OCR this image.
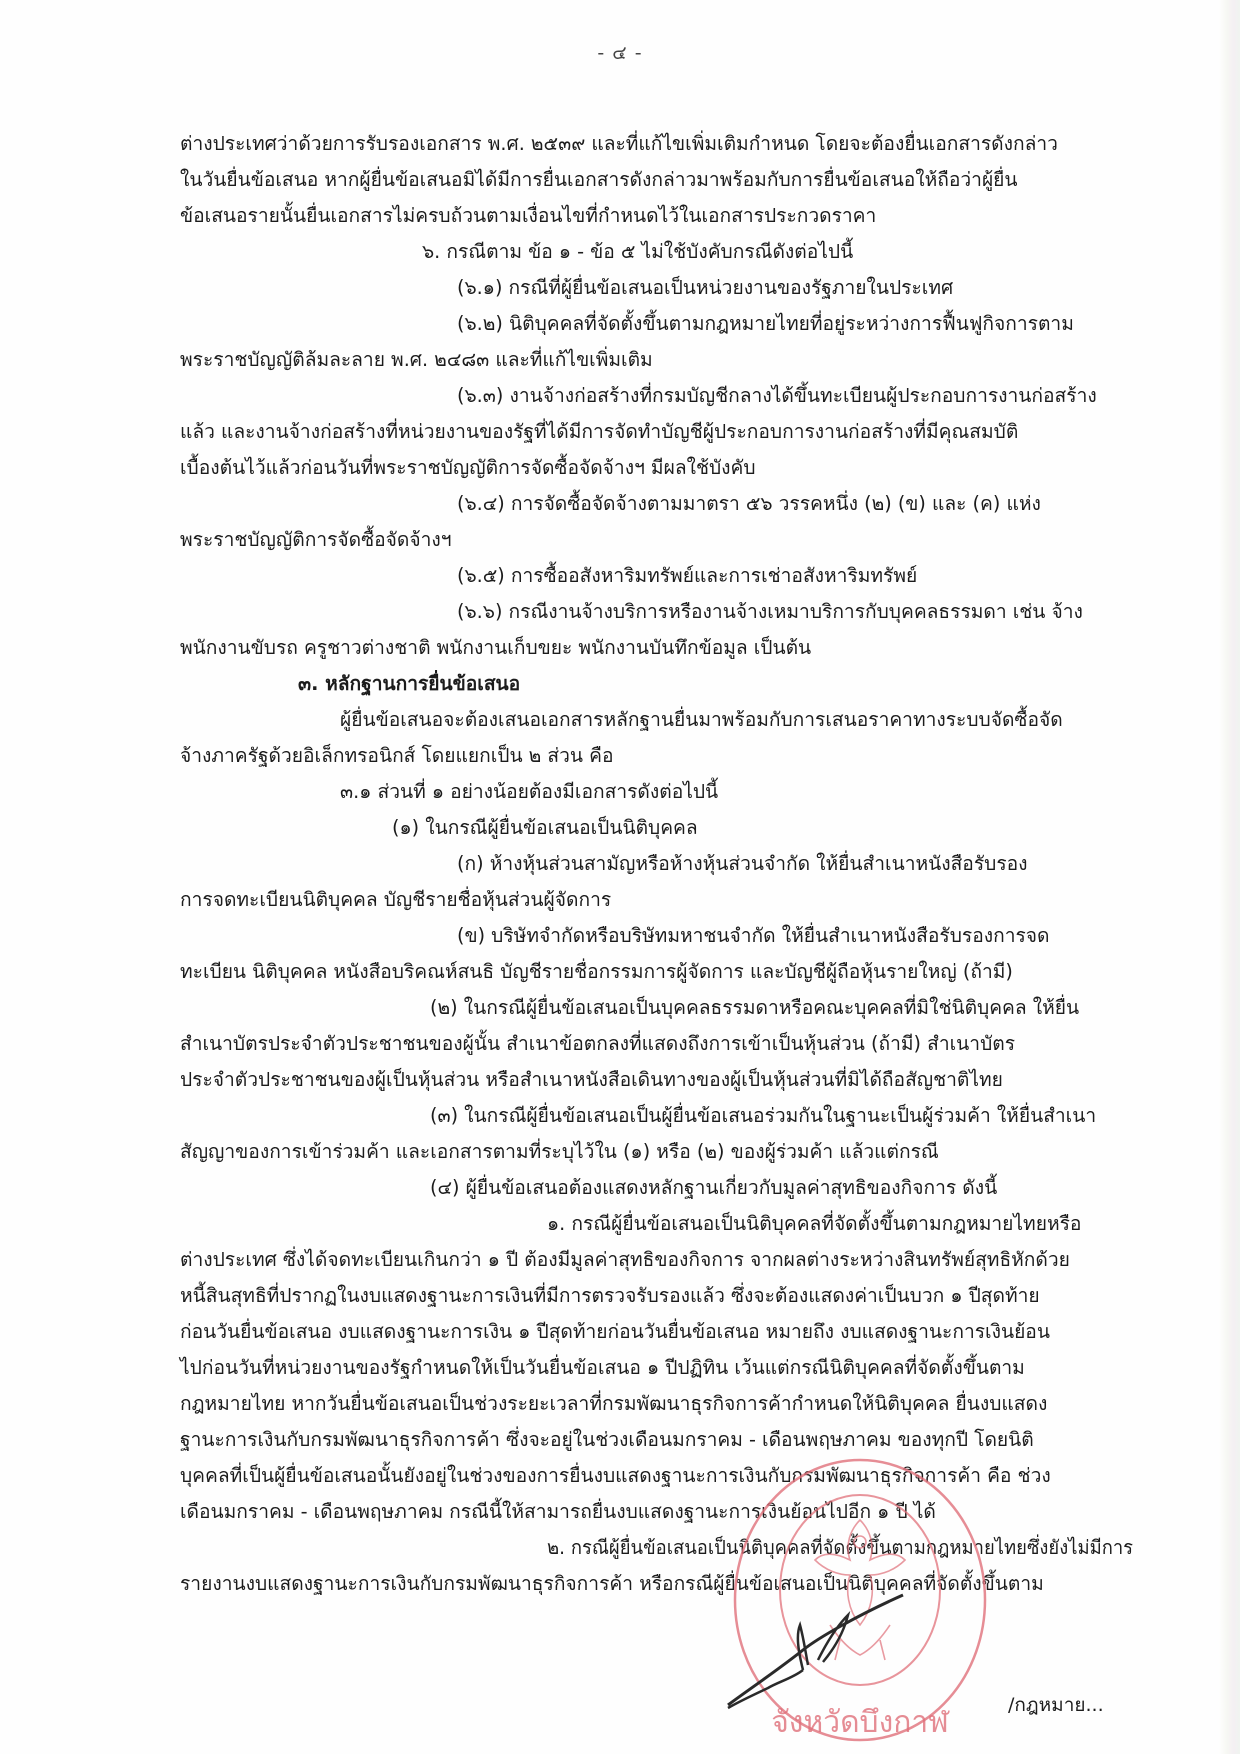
- ๔ -
ต่างประเทศว่าด้วยการรับรองเอกสาร พ.ศ. ๒๕๓๙ และที่แก้ไขเพิ่มเติมกำหนด โดยจะต้องยื่นเอกสารดังกล่าว
ในวันยื่นข้อเสนอ หากผู้ยื่นข้อเสนอมิได้มีการยื่นเอกสารดังกล่าวมาพร้อมกับการยื่นข้อเสนอให้ถือว่าผู้ยื่น
ข้อเสนอรายนั้นยื่นเอกสารไม่ครบถ้วนตามเงื่อนไขที่กำหนดไว้ในเอกสารประกวดราคา
๖. กรณีตาม ข้อ ๑ - ข้อ ๕ ไม่ใช้บังคับกรณีดังต่อไปนี้
(๖.๑) กรณีที่ผู้ยื่นข้อเสนอเป็นหน่วยงานของรัฐภายในประเทศ
(๖.๒) นิติบุคคลที่จัดตั้งขึ้นตามกฎหมายไทยที่อยู่ระหว่างการฟื้นฟูกิจการตาม
พระราชบัญญัติล้มละลาย พ.ศ. ๒๔๘๓ และที่แก้ไขเพิ่มเติม
(๖.๓) งานจ้างก่อสร้างที่กรมบัญชีกลางได้ขึ้นทะเบียนผู้ประกอบการงานก่อสร้าง
แล้ว และงานจ้างก่อสร้างที่หน่วยงานของรัฐที่ได้มีการจัดทำบัญชีผู้ประกอบการงานก่อสร้างที่มีคุณสมบัติ
เบื้องต้นไว้แล้วก่อนวันที่พระราชบัญญัติการจัดซื้อจัดจ้างฯ มีผลใช้บังคับ
(๖.๔) การจัดซื้อจัดจ้างตามมาตรา ๕๖ วรรคหนึ่ง (๒) (ข) และ (ค) แห่ง
พระราชบัญญัติการจัดซื้อจัดจ้างฯ
(๖.๕) การซื้ออสังหาริมทรัพย์และการเช่าอสังหาริมทรัพย์
(๖.๖) กรณีงานจ้างบริการหรืองานจ้างเหมาบริการกับบุคคลธรรมดา เช่น จ้าง
พนักงานขับรถ ครูชาวต่างชาติ พนักงานเก็บขยะ พนักงานบันทึกข้อมูล เป็นต้น
๓. หลักฐานการยื่นข้อเสนอ
ผู้ยื่นข้อเสนอจะต้องเสนอเอกสารหลักฐานยื่นมาพร้อมกับการเสนอราคาทางระบบจัดซื้อจัด
จ้างภาครัฐด้วยอิเล็กทรอนิกส์ โดยแยกเป็น ๒ ส่วน คือ
๓.๑ ส่วนที่ ๑ อย่างน้อยต้องมีเอกสารดังต่อไปนี้
(๑) ในกรณีผู้ยื่นข้อเสนอเป็นนิติบุคคล
(ก) ห้างหุ้นส่วนสามัญหรือห้างหุ้นส่วนจำกัด ให้ยื่นสำเนาหนังสือรับรอง
การจดทะเบียนนิติบุคคล บัญชีรายชื่อหุ้นส่วนผู้จัดการ
(ข) บริษัทจำกัดหรือบริษัทมหาชนจำกัด ให้ยื่นสำเนาหนังสือรับรองการจด
ทะเบียน นิติบุคคล หนังสือบริคณห์สนธิ บัญชีรายชื่อกรรมการผู้จัดการ และบัญชีผู้ถือหุ้นรายใหญ่ (ถ้ามี)
(๒) ในกรณีผู้ยื่นข้อเสนอเป็นบุคคลธรรมดาหรือคณะบุคคลที่มิใช่นิติบุคคล ให้ยื่น
สำเนาบัตรประจำตัวประชาชนของผู้นั้น สำเนาข้อตกลงที่แสดงถึงการเข้าเป็นหุ้นส่วน (ถ้ามี) สำเนาบัตร
ประจำตัวประชาชนของผู้เป็นหุ้นส่วน หรือสำเนาหนังสือเดินทางของผู้เป็นหุ้นส่วนที่มิได้ถือสัญชาติไทย
(๓) ในกรณีผู้ยื่นข้อเสนอเป็นผู้ยื่นข้อเสนอร่วมกันในฐานะเป็นผู้ร่วมค้า ให้ยื่นสำเนา
สัญญาของการเข้าร่วมค้า และเอกสารตามที่ระบุไว้ใน (๑) หรือ (๒) ของผู้ร่วมค้า แล้วแต่กรณี
(๔) ผู้ยื่นข้อเสนอต้องแสดงหลักฐานเกี่ยวกับมูลค่าสุทธิของกิจการ ดังนี้
๑. กรณีผู้ยื่นข้อเสนอเป็นนิติบุคคลที่จัดตั้งขึ้นตามกฎหมายไทยหรือ
ต่างประเทศ ซึ่งได้จดทะเบียนเกินกว่า ๑ ปี ต้องมีมูลค่าสุทธิของกิจการ จากผลต่างระหว่างสินทรัพย์สุทธิหักด้วย
หนี้สินสุทธิที่ปรากฏในงบแสดงฐานะการเงินที่มีการตรวจรับรองแล้ว ซึ่งจะต้องแสดงค่าเป็นบวก ๑ ปีสุดท้าย
ก่อนวันยื่นข้อเสนอ งบแสดงฐานะการเงิน ๑ ปีสุดท้ายก่อนวันยื่นข้อเสนอ หมายถึง งบแสดงฐานะการเงินย้อน
ไปก่อนวันที่หน่วยงานของรัฐกำหนดให้เป็นวันยื่นข้อเสนอ ๑ ปีปฏิทิน เว้นแต่กรณีนิติบุคคลที่จัดตั้งขึ้นตาม
กฎหมายไทย หากวันยื่นข้อเสนอเป็นช่วงระยะเวลาที่กรมพัฒนาธุรกิจการค้ากำหนดให้นิติบุคคล ยื่นงบแสดง
ฐานะการเงินกับกรมพัฒนาธุรกิจการค้า ซึ่งจะอยู่ในช่วงเดือนมกราคม - เดือนพฤษภาคม ของทุกปี โดยนิติ
บุคคลที่เป็นผู้ยื่นข้อเสนอนั้นยังอยู่ในช่วงของการยื่นงบแสดงฐานะการเงินกับกรมพัฒนาธุรกิจการค้า คือ ช่วง
เดือนมกราคม - เดือนพฤษภาคม กรณีนี้ให้สามารถยื่นงบแสดงฐานะการเงินย้อนไปอีก ๑ ปี ได้
๒. กรณีผู้ยื่นข้อเสนอเป็นนิติบุคคลที่จัดตั้งขึ้นตามกฎหมายไทยซึ่งยังไม่มีการ
รายงานงบแสดงฐานะการเงินกับกรมพัฒนาธุรกิจการค้า หรือกรณีผู้ยื่นข้อเสนอเป็นนิติบุคคลที่จัดตั้งขึ้นตาม
จังหวัดบึงกาฬ	/กฎหมาย...
